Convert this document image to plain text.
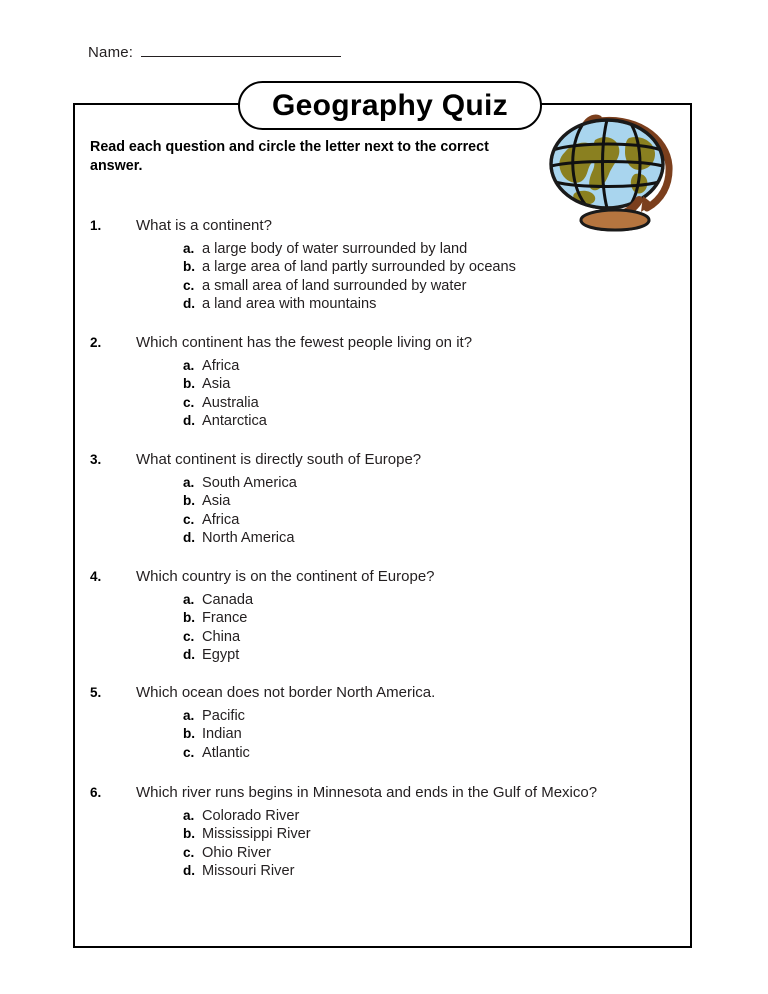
Name:
Geography Quiz
Read each question and circle the letter next to the correct answer.
1. What is a continent?
a. a large body of water surrounded by land
b. a large area of land partly surrounded by oceans
c. a small area of land surrounded by water
d. a land area with mountains
2. Which continent has the fewest people living on it?
a. Africa
b. Asia
c. Australia
d. Antarctica
3. What continent is directly south of Europe?
a. South America
b. Asia
c. Africa
d. North America
4. Which country is on the continent of Europe?
a. Canada
b. France
c. China
d. Egypt
5. Which ocean does not border North America.
a. Pacific
b. Indian
c. Atlantic
6. Which river runs begins in Minnesota and ends in the Gulf of Mexico?
a. Colorado River
b. Mississippi River
c. Ohio River
d. Missouri River
